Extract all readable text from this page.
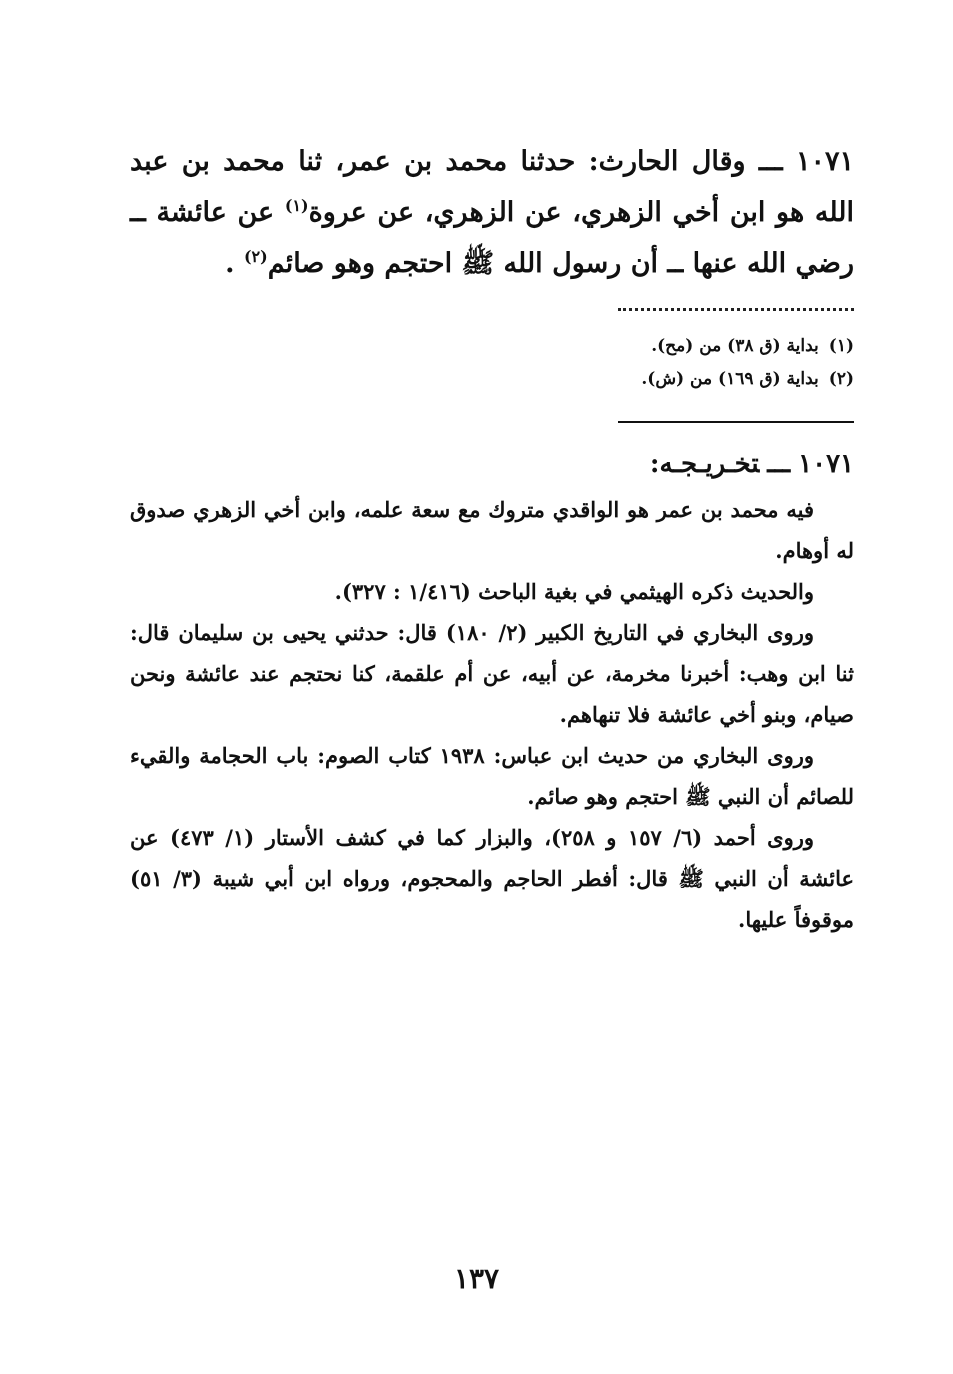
١٠٧١ ـــ وقال الحارث: حدثنا محمد بن عمر، ثنا محمد بن عبد الله هو ابن أخي الزهري، عن الزهري، عن عروة$^{(١)}$ عن عائشة ــ رضي الله عنها ــ أن رسول الله ﷺ احتجم وهو صائم$^{(٢)}$ .

(١)بداية (ق ٣٨) من (مح).
(٢)بداية (ق ١٦٩) من (ش).
١٠٧١ـــتخـريـجـه:

فيه محمد بن عمر هو الواقدي متروك مع سعة علمه، وابن أخي الزهري صدوق له أوهام.

والحديث ذكره الهيثمي في بغية الباحث (١/٤١٦ : ٣٢٧).

وروى البخاري في التاريخ الكبير (٢/ ١٨٠) قال: حدثني يحيى بن سليمان قال: ثنا ابن وهب: أخبرنا مخرمة، عن أبيه، عن أم علقمة، كنا نحتجم عند عائشة ونحن صيام، وبنو أخي عائشة فلا تنهاهم.

وروى البخاري من حديث ابن عباس: ١٩٣٨ كتاب الصوم: باب الحجامة والقيء للصائم أن النبي ﷺ احتجم وهو صائم.

وروى أحمد (٦/ ١٥٧ و ٢٥٨)، والبزار كما في كشف الأستار (١/ ٤٧٣) عن عائشة أن النبي ﷺ قال: أفطر الحاجم والمحجوم، ورواه ابن أبي شيبة (٣/ ٥١) موقوفاً عليها.

١٣٧
